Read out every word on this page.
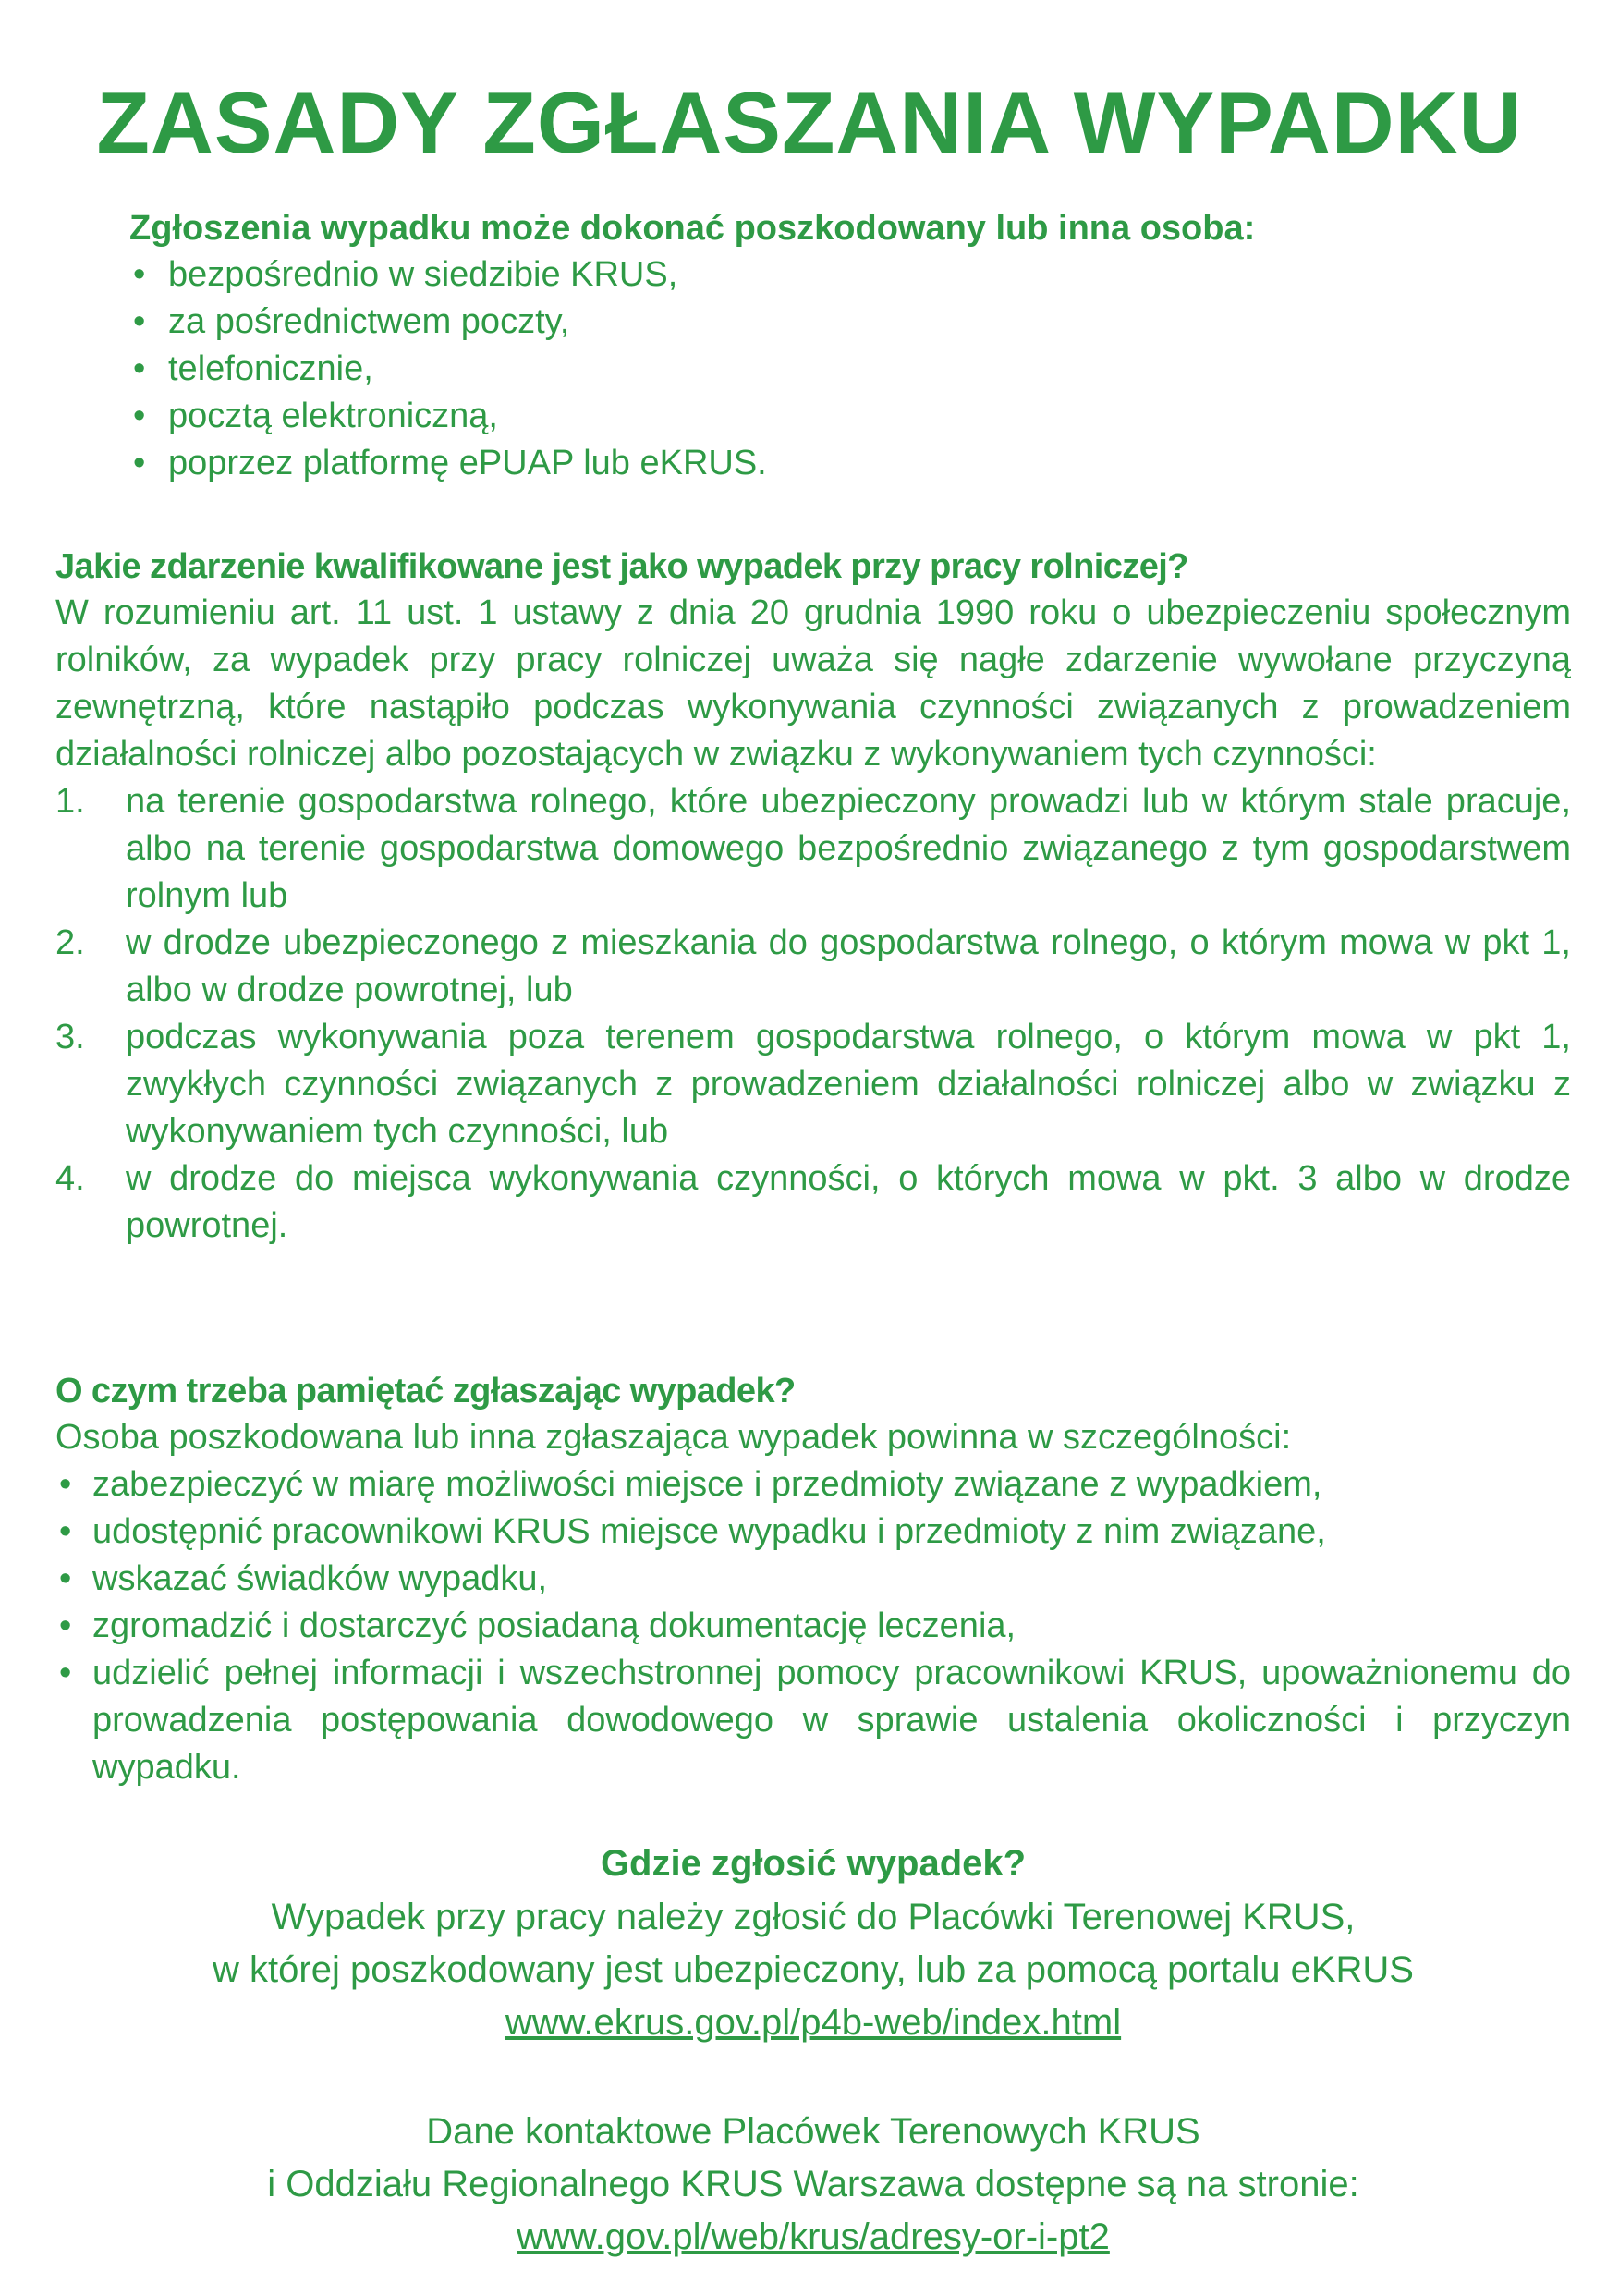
ZASADY ZGŁASZANIA WYPADKU

Zgłoszenia wypadku może dokonać poszkodowany lub inna osoba:

• bezpośrednio w siedzibie KRUS,
• za pośrednictwem poczty,
• telefonicznie,
• pocztą elektroniczną,
• poprzez platformę ePUAP lub eKRUS.

Jakie zdarzenie kwalifikowane jest jako wypadek przy pracy rolniczej?

W rozumieniu art. 11 ust. 1 ustawy z dnia 20 grudnia 1990 roku o ubezpieczeniu społecznym rolników, za wypadek przy pracy rolniczej uważa się nagłe zdarzenie wywołane przyczyną zewnętrzną, które nastąpiło podczas wykonywania czynności związanych z prowadzeniem działalności rolniczej albo pozostających w związku z wykonywaniem tych czynności:

1. na terenie gospodarstwa rolnego, które ubezpieczony prowadzi lub w którym stale pracuje, albo na terenie gospodarstwa domowego bezpośrednio związanego z tym gospodarstwem rolnym lub
2. w drodze ubezpieczonego z mieszkania do gospodarstwa rolnego, o którym mowa w pkt 1, albo w drodze powrotnej, lub
3. podczas wykonywania poza terenem gospodarstwa rolnego, o którym mowa w pkt 1, zwykłych czynności związanych z prowadzeniem działalności rolniczej albo w związku z wykonywaniem tych czynności, lub
4. w drodze do miejsca wykonywania czynności, o których mowa w pkt. 3 albo w drodze powrotnej.

O czym trzeba pamiętać zgłaszając wypadek?

Osoba poszkodowana lub inna zgłaszająca wypadek powinna w szczególności:

• zabezpieczyć w miarę możliwości miejsce i przedmioty związane z wypadkiem,
• udostępnić pracownikowi KRUS miejsce wypadku i przedmioty z nim związane,
• wskazać świadków wypadku,
• zgromadzić i dostarczyć posiadaną dokumentację leczenia,
• udzielić pełnej informacji i wszechstronnej pomocy pracownikowi KRUS, upoważnionemu do prowadzenia postępowania dowodowego w sprawie ustalenia okoliczności i przyczyn wypadku.

Gdzie zgłosić wypadek?

Wypadek przy pracy należy zgłosić do Placówki Terenowej KRUS,

w której poszkodowany jest ubezpieczony, lub za pomocą portalu eKRUS

www.ekrus.gov.pl/p4b-web/index.html

Dane kontaktowe Placówek Terenowych KRUS

i Oddziału Regionalnego KRUS Warszawa dostępne są na stronie:

www.gov.pl/web/krus/adresy-or-i-pt2
